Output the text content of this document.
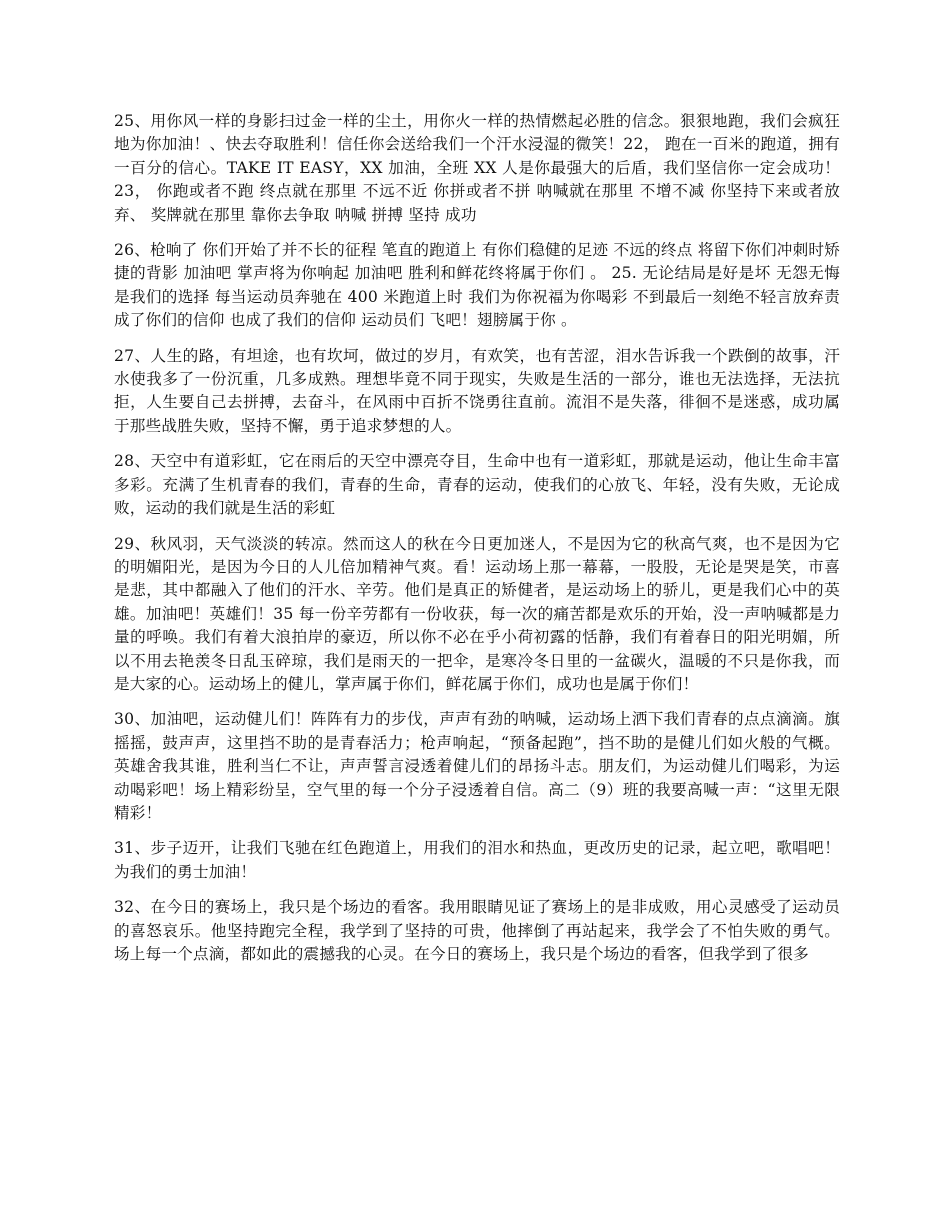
25、用你风一样的身影扫过金一样的尘土，用你火一样的热情燃起必胜的信念。狠狠地跑，我们会疯狂地为你加油！、快去夺取胜利！信任你会送给我们一个汗水浸湿的微笑！22， 跑在一百米的跑道，拥有一百分的信心。TAKE IT EASY，XX 加油，全班 XX 人是你最强大的后盾，我们坚信你一定会成功！ 23， 你跑或者不跑 终点就在那里 不远不近 你拼或者不拼 呐喊就在那里 不增不减 你坚持下来或者放弃、 奖牌就在那里 靠你去争取 呐喊 拼搏 坚持 成功

26、枪响了 你们开始了并不长的征程 笔直的跑道上 有你们稳健的足迹 不远的终点 将留下你们冲刺时矫捷的背影 加油吧 掌声将为你响起 加油吧 胜利和鲜花终将属于你们 。 25. 无论结局是好是坏 无怨无悔是我们的选择 每当运动员奔驰在 400 米跑道上时 我们为你祝福为你喝彩 不到最后一刻绝不轻言放弃责成了你们的信仰 也成了我们的信仰 运动员们 飞吧！翅膀属于你 。

27、人生的路，有坦途，也有坎坷，做过的岁月，有欢笑，也有苦涩，泪水告诉我一个跌倒的故事，汗水使我多了一份沉重，几多成熟。理想毕竟不同于现实，失败是生活的一部分，谁也无法选择，无法抗拒，人生要自己去拼搏，去奋斗，在风雨中百折不饶勇往直前。流泪不是失落，徘徊不是迷惑，成功属于那些战胜失败，坚持不懈，勇于追求梦想的人。

28、天空中有道彩虹，它在雨后的天空中漂亮夺目，生命中也有一道彩虹，那就是运动，他让生命丰富多彩。充满了生机青春的我们，青春的生命，青春的运动，使我们的心放飞、年轻，没有失败，无论成败，运动的我们就是生活的彩虹

29、秋风羽，天气淡淡的转凉。然而这人的秋在今日更加迷人，不是因为它的秋高气爽，也不是因为它的明媚阳光，是因为今日的人儿倍加精神气爽。看！运动场上那一幕幕，一股股，无论是哭是笑，市喜是悲，其中都融入了他们的汗水、辛劳。他们是真正的矫健者，是运动场上的骄儿，更是我们心中的英雄。加油吧！英雄们！35 每一份辛劳都有一份收获，每一次的痛苦都是欢乐的开始，没一声呐喊都是力量的呼唤。我们有着大浪拍岸的豪迈，所以你不必在乎小荷初露的恬静，我们有着春日的阳光明媚，所以不用去艳羡冬日乱玉碎琼，我们是雨天的一把伞，是寒冷冬日里的一盆碳火，温暖的不只是你我，而是大家的心。运动场上的健儿，掌声属于你们，鲜花属于你们，成功也是属于你们！

30、加油吧，运动健儿们！阵阵有力的步伐，声声有劲的呐喊，运动场上洒下我们青春的点点滴滴。旗摇摇，鼓声声，这里挡不助的是青春活力；枪声响起，“预备起跑”，挡不助的是健儿们如火般的气概。英雄舍我其谁，胜利当仁不让，声声誓言浸透着健儿们的昂扬斗志。朋友们，为运动健儿们喝彩，为运动喝彩吧！场上精彩纷呈，空气里的每一个分子浸透着自信。高二（9）班的我要高喊一声：“这里无限精彩！

31、步子迈开，让我们飞驰在红色跑道上，用我们的泪水和热血，更改历史的记录，起立吧，歌唱吧！为我们的勇士加油！

32、在今日的赛场上，我只是个场边的看客。我用眼睛见证了赛场上的是非成败，用心灵感受了运动员的喜怒哀乐。他坚持跑完全程，我学到了坚持的可贵，他摔倒了再站起来，我学会了不怕失败的勇气。场上每一个点滴，都如此的震撼我的心灵。在今日的赛场上，我只是个场边的看客，但我学到了很多
